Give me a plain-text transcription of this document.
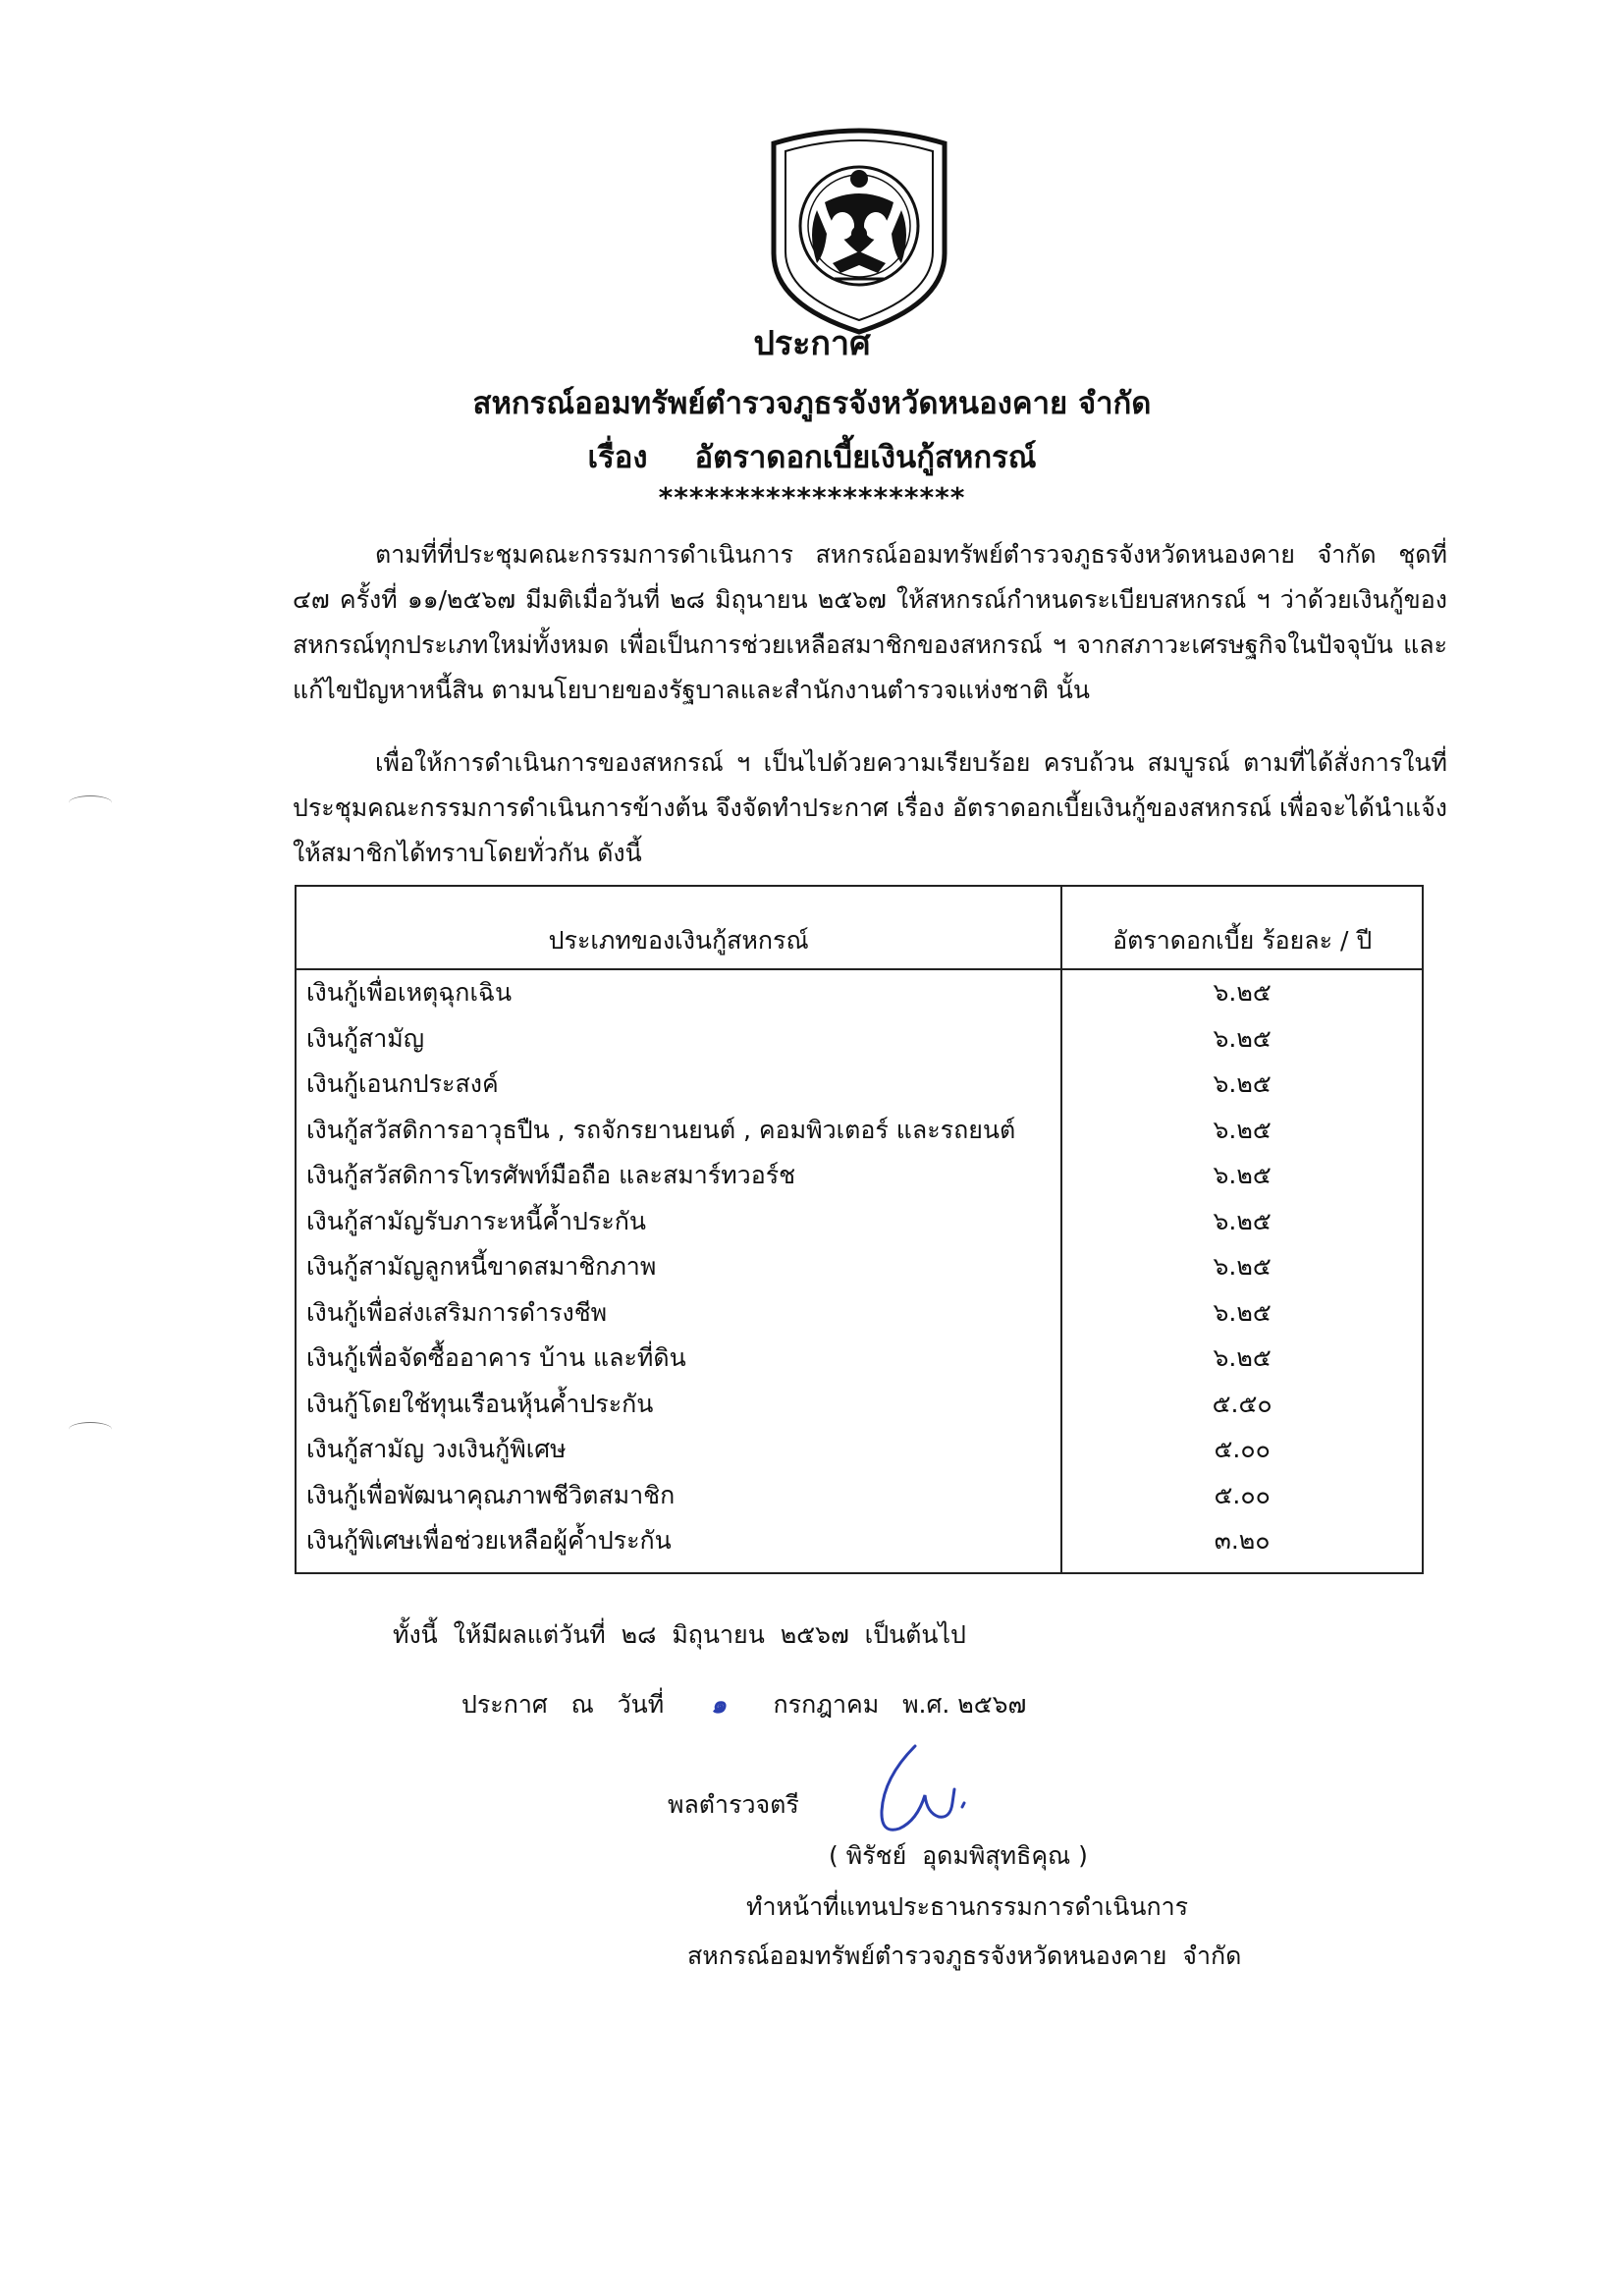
ประกาศ
สหกรณ์ออมทรัพย์ตำรวจภูธรจังหวัดหนองคาย จำกัด
เรื่อง อัตราดอกเบี้ยเงินกู้สหกรณ์
********************
ตามที่ที่ประชุมคณะกรรมการดำเนินการ สหกรณ์ออมทรัพย์ตำรวจภูธรจังหวัดหนองคาย จำกัด ชุดที่ ๔๗ ครั้งที่ ๑๑/๒๕๖๗ มีมติเมื่อวันที่ ๒๘ มิถุนายน ๒๕๖๗ ให้สหกรณ์กำหนดระเบียบสหกรณ์ ฯ ว่าด้วยเงินกู้ของสหกรณ์ทุกประเภทใหม่ทั้งหมด เพื่อเป็นการช่วยเหลือสมาชิกของสหกรณ์ ฯ จากสภาวะเศรษฐกิจในปัจจุบัน และแก้ไขปัญหาหนี้สิน ตามนโยบายของรัฐบาลและสำนักงานตำรวจแห่งชาติ นั้น
เพื่อให้การดำเนินการของสหกรณ์ ฯ เป็นไปด้วยความเรียบร้อย ครบถ้วน สมบูรณ์ ตามที่ได้สั่งการในที่ประชุมคณะกรรมการดำเนินการข้างต้น จึงจัดทำประกาศ เรื่อง อัตราดอกเบี้ยเงินกู้ของสหกรณ์ เพื่อจะได้นำแจ้งให้สมาชิกได้ทราบโดยทั่วกัน ดังนี้
ประเภทของเงินกู้สหกรณ์	อัตราดอกเบี้ย ร้อยละ / ปี
เงินกู้เพื่อเหตุฉุกเฉิน	๖.๒๕
เงินกู้สามัญ	๖.๒๕
เงินกู้เอนกประสงค์	๖.๒๕
เงินกู้สวัสดิการอาวุธปืน , รถจักรยานยนต์ , คอมพิวเตอร์ และรถยนต์	๖.๒๕
เงินกู้สวัสดิการโทรศัพท์มือถือ และสมาร์ทวอร์ช	๖.๒๕
เงินกู้สามัญรับภาระหนี้ค้ำประกัน	๖.๒๕
เงินกู้สามัญลูกหนี้ขาดสมาชิกภาพ	๖.๒๕
เงินกู้เพื่อส่งเสริมการดำรงชีพ	๖.๒๕
เงินกู้เพื่อจัดซื้ออาคาร บ้าน และที่ดิน	๖.๒๕
เงินกู้โดยใช้ทุนเรือนหุ้นค้ำประกัน	๕.๕๐
เงินกู้สามัญ วงเงินกู้พิเศษ	๕.๐๐
เงินกู้เพื่อพัฒนาคุณภาพชีวิตสมาชิก	๕.๐๐
เงินกู้พิเศษเพื่อช่วยเหลือผู้ค้ำประกัน	๓.๒๐
ทั้งนี้  ให้มีผลแต่วันที่  ๒๘  มิถุนายน  ๒๕๖๗  เป็นต้นไป
ประกาศ   ณ   วันที่ ๑ กรกฎาคม   พ.ศ. ๒๕๖๗
พลตำรวจตรี
( พิรัชย์  อุดมพิสุทธิคุณ )
ทำหน้าที่แทนประธานกรรมการดำเนินการ
สหกรณ์ออมทรัพย์ตำรวจภูธรจังหวัดหนองคาย  จำกัด
